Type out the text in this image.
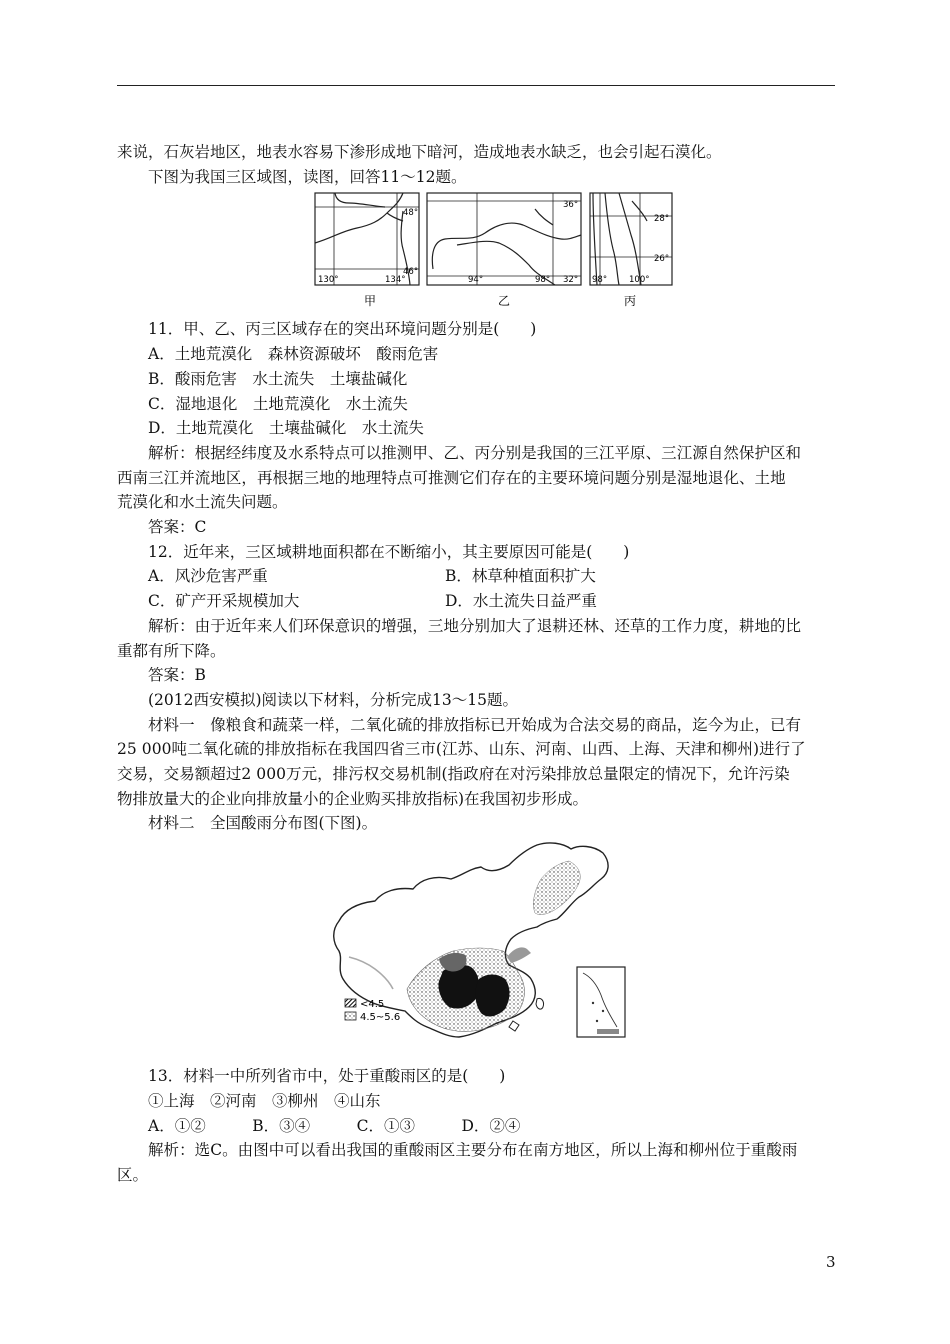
来说，石灰岩地区，地表水容易下渗形成地下暗河，造成地表水缺乏，也会引起石漠化。

下图为我国三区域图，读图，回答11～12题。

48°
46°
130°	134°
甲
36°
32°
94°	98°
乙
28°
26°
98°	100°
丙

11．甲、乙、丙三区域存在的突出环境问题分别是(　　)

A．土地荒漠化　森林资源破坏　酸雨危害

B．酸雨危害　水土流失　土壤盐碱化

C．湿地退化　土地荒漠化　水土流失

D．土地荒漠化　土壤盐碱化　水土流失

解析：根据经纬度及水系特点可以推测甲、乙、丙分别是我国的三江平原、三江源自然保护区和

西南三江并流地区，再根据三地的地理特点可推测它们存在的主要环境问题分别是湿地退化、土地

荒漠化和水土流失问题。

答案：C

12．近年来，三区域耕地面积都在不断缩小，其主要原因可能是(　　)

A．风沙危害严重	B．林草种植面积扩大
C．矿产开采规模加大	D．水土流失日益严重

解析：由于近年来人们环保意识的增强，三地分别加大了退耕还林、还草的工作力度，耕地的比

重都有所下降。

答案：B

(2012西安模拟)阅读以下材料，分析完成13～15题。

材料一　像粮食和蔬菜一样，二氧化硫的排放指标已开始成为合法交易的商品，迄今为止，已有

25 000吨二氧化硫的排放指标在我国四省三市(江苏、山东、河南、山西、上海、天津和柳州)进行了

交易，交易额超过2 000万元，排污权交易机制(指政府在对污染排放总量限定的情况下，允许污染

物排放量大的企业向排放量小的企业购买排放指标)在我国初步形成。

材料二　全国酸雨分布图(下图)。

<4.5
4.5~5.6

13．材料一中所列省市中，处于重酸雨区的是(　　)

①上海　②河南　③柳州　④山东

A．①②　　　B．③④　　　C．①③　　　D．②④

解析：选C。由图中可以看出我国的重酸雨区主要分布在南方地区，所以上海和柳州位于重酸雨

区。

3
